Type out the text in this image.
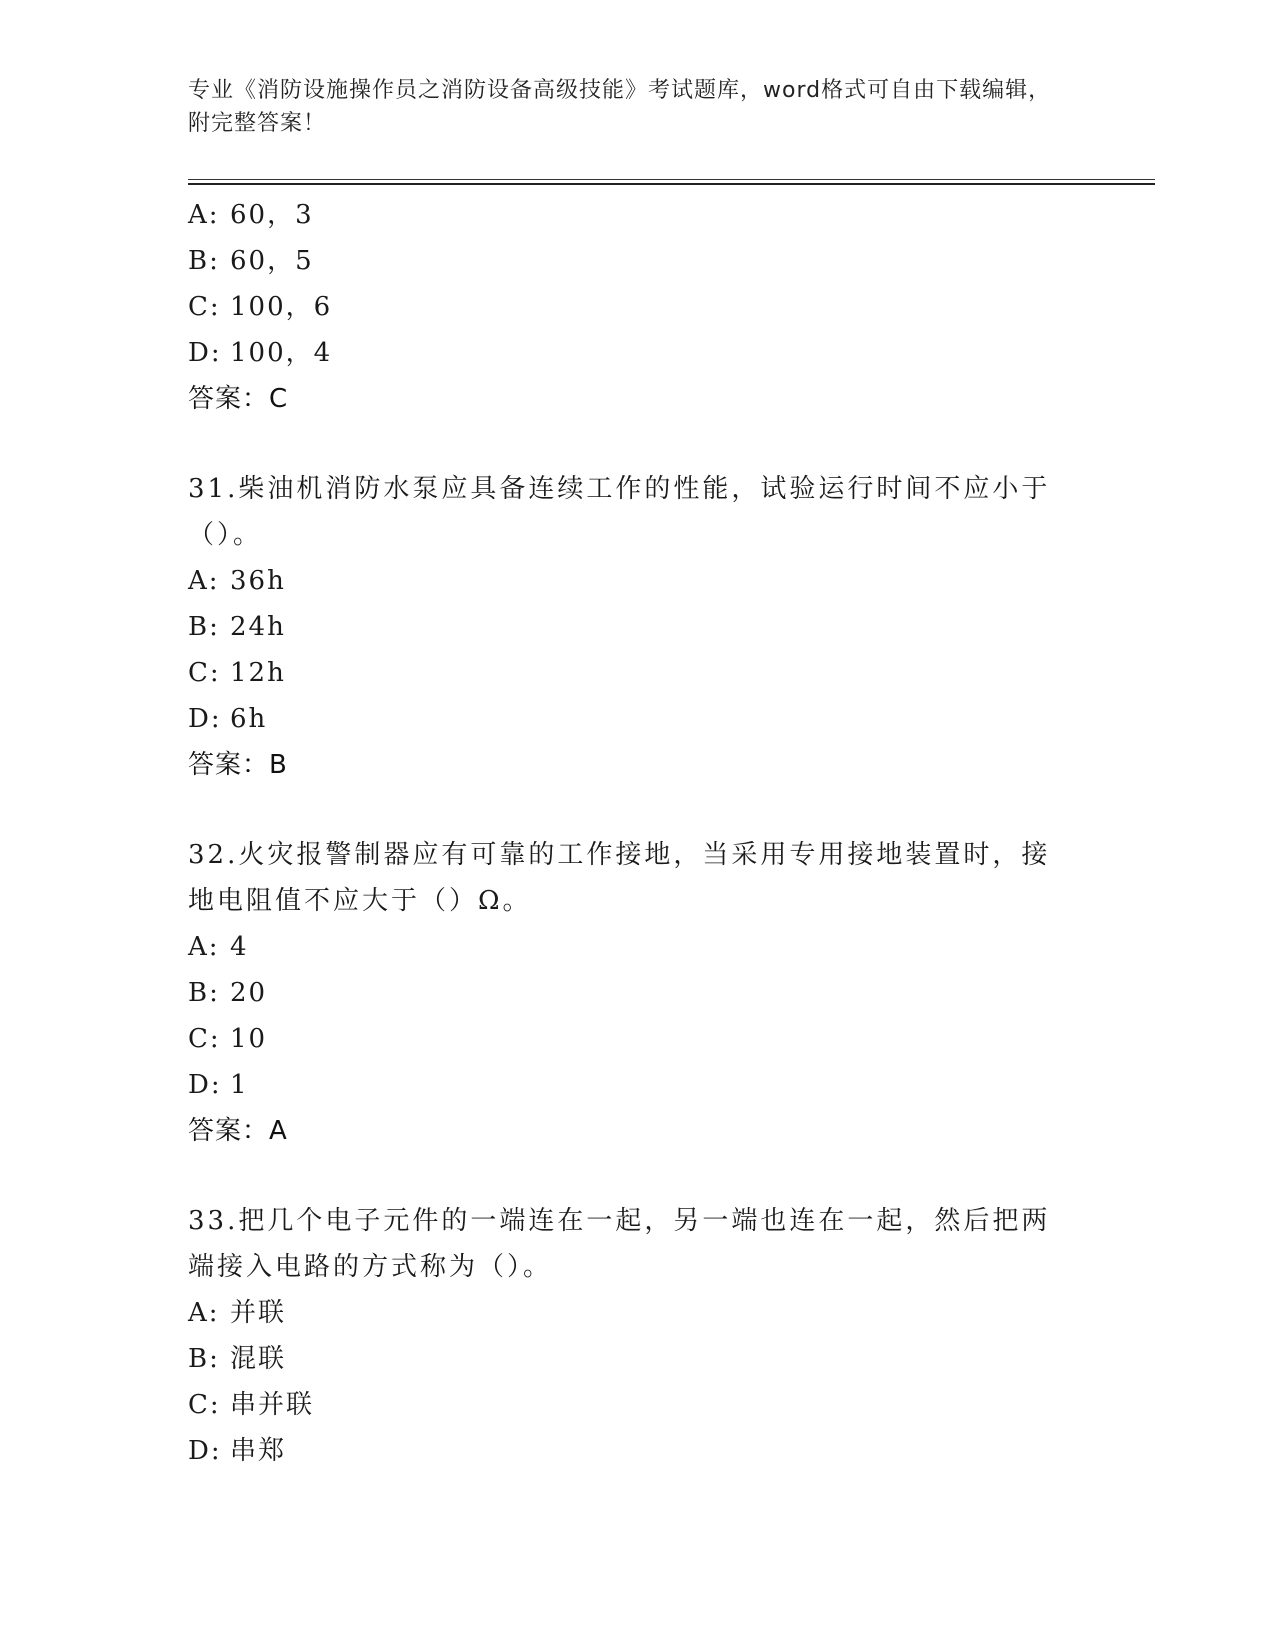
专业《消防设施操作员之消防设备高级技能》考试题库，word格式可自由下载编辑，附完整答案！
A: 60，3
B: 60，5
C: 100，6
D: 100，4
答案：C
31.柴油机消防水泵应具备连续工作的性能，试验运行时间不应小于（）。
A: 36h
B: 24h
C: 12h
D: 6h
答案：B
32.火灾报警制器应有可靠的工作接地，当采用专用接地装置时，接地电阻值不应大于（）Ω。
A: 4
B: 20
C: 10
D: 1
答案：A
33.把几个电子元件的一端连在一起，另一端也连在一起，然后把两端接入电路的方式称为（）。
A: 并联
B: 混联
C: 串并联
D: 串郑
